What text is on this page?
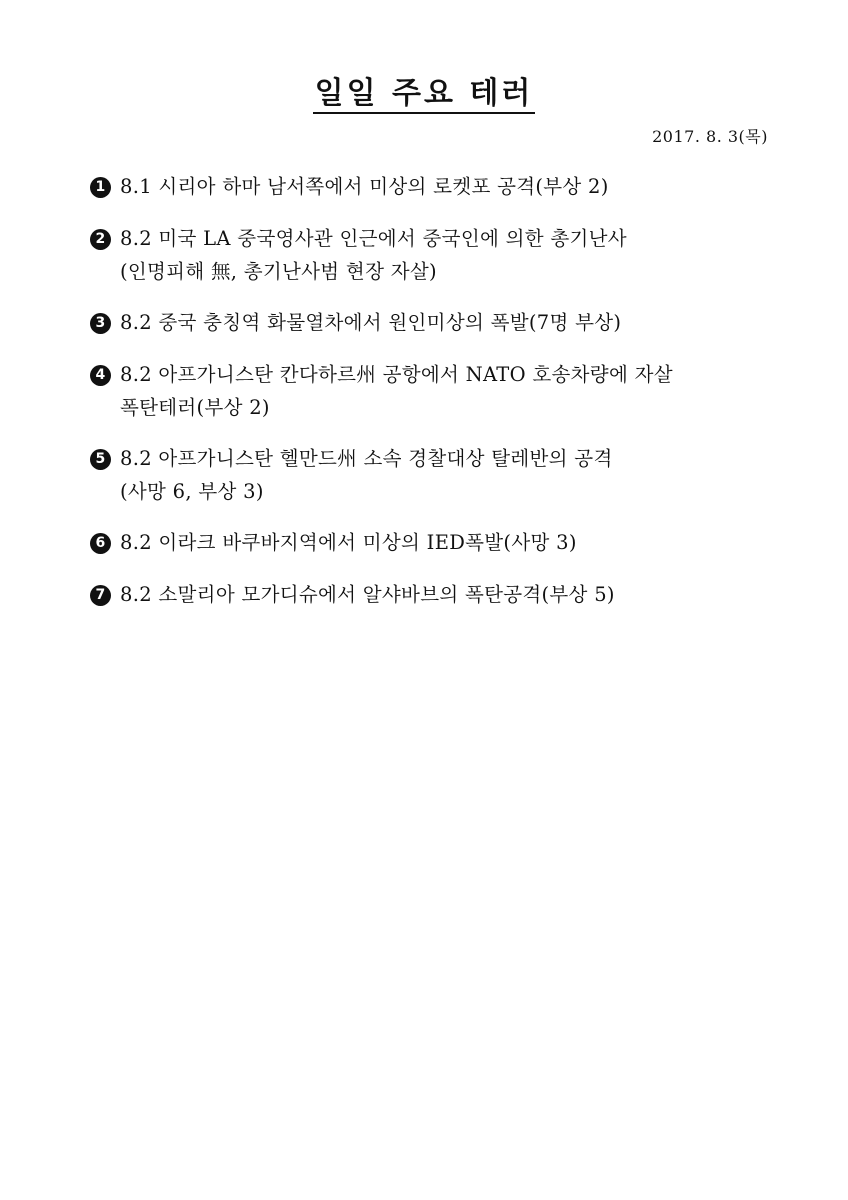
일일 주요 테러
2017. 8. 3(목)
1 8.1 시리아 하마 남서쪽에서 미상의 로켓포 공격(부상 2)
2 8.2 미국 LA 중국영사관 인근에서 중국인에 의한 총기난사
(인명피해 無, 총기난사범 현장 자살)
3 8.2 중국 충칭역 화물열차에서 원인미상의 폭발(7명 부상)
4 8.2 아프가니스탄 칸다하르州 공항에서 NATO 호송차량에 자살
폭탄테러(부상 2)
5 8.2 아프가니스탄 헬만드州 소속 경찰대상 탈레반의 공격
(사망 6, 부상 3)
6 8.2 이라크 바쿠바지역에서 미상의 IED폭발(사망 3)
7 8.2 소말리아 모가디슈에서 알샤바브의 폭탄공격(부상 5)
